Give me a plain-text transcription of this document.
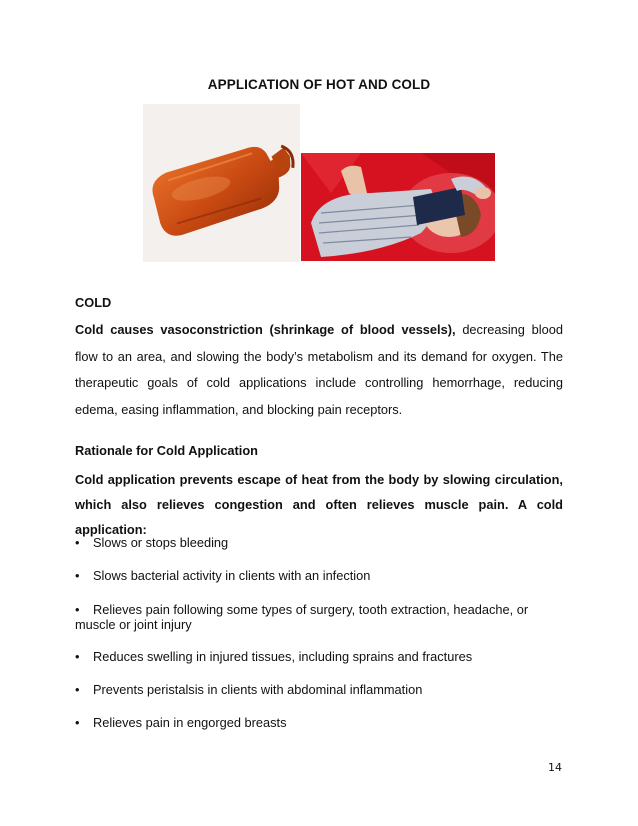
APPLICATION OF HOT AND COLD
COLD
Cold causes vasoconstriction (shrinkage of blood vessels), decreasing blood flow to an area, and slowing the body’s metabolism and its demand for oxygen. The therapeutic goals of cold applications include controlling hemorrhage, reducing edema, easing inflammation, and blocking pain receptors.
Rationale for Cold Application
Cold application prevents escape of heat from the body by slowing circulation, which also relieves congestion and often relieves muscle pain. A cold application:
• Slows or stops bleeding
• Slows bacterial activity in clients with an infection
• Relieves pain following some types of surgery, tooth extraction, headache, or muscle or joint injury
• Reduces swelling in injured tissues, including sprains and fractures
• Prevents peristalsis in clients with abdominal inflammation
• Relieves pain in engorged breasts
14
